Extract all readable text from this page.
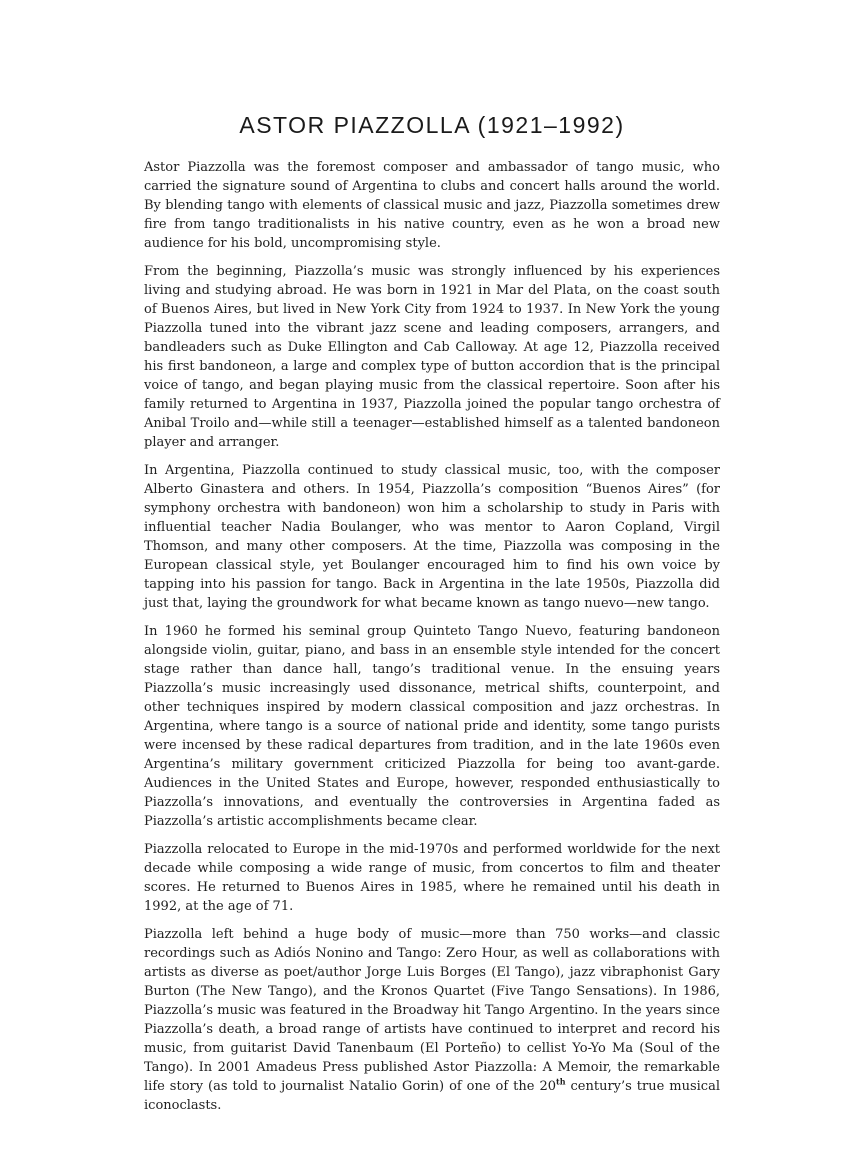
ASTOR PIAZZOLLA (1921–1992)

Astor Piazzolla was the foremost composer and ambassador of tango music, who carried the signature sound of Argentina to clubs and concert halls around the world. By blending tango with elements of classical music and jazz, Piazzolla sometimes drew fire from tango traditionalists in his native country, even as he won a broad new audience for his bold, uncompromising style.

From the beginning, Piazzolla’s music was strongly influenced by his experiences living and studying abroad. He was born in 1921 in Mar del Plata, on the coast south of Buenos Aires, but lived in New York City from 1924 to 1937. In New York the young Piazzolla tuned into the vibrant jazz scene and leading composers, arrangers, and bandleaders such as Duke Ellington and Cab Calloway. At age 12, Piazzolla received his first bandoneon, a large and complex type of button accordion that is the principal voice of tango, and began playing music from the classical repertoire. Soon after his family returned to Argentina in 1937, Piazzolla joined the popular tango orchestra of Anibal Troilo and—while still a teenager—established himself as a talented bandoneon player and arranger.

In Argentina, Piazzolla continued to study classical music, too, with the composer Alberto Ginastera and others. In 1954, Piazzolla’s composition “Buenos Aires” (for symphony orchestra with bandoneon) won him a scholarship to study in Paris with influential teacher Nadia Boulanger, who was mentor to Aaron Copland, Virgil Thomson, and many other composers. At the time, Piazzolla was composing in the European classical style, yet Boulanger encouraged him to find his own voice by tapping into his passion for tango. Back in Argentina in the late 1950s, Piazzolla did just that, laying the groundwork for what became known as tango nuevo—new tango.

In 1960 he formed his seminal group Quinteto Tango Nuevo, featuring bandoneon alongside violin, guitar, piano, and bass in an ensemble style intended for the concert stage rather than dance hall, tango’s traditional venue. In the ensuing years Piazzolla’s music increasingly used dissonance, metrical shifts, counterpoint, and other techniques inspired by modern classical composition and jazz orchestras. In Argentina, where tango is a source of national pride and identity, some tango purists were incensed by these radical departures from tradition, and in the late 1960s even Argentina’s military government criticized Piazzolla for being too avant-garde. Audiences in the United States and Europe, however, responded enthusiastically to Piazzolla’s innovations, and eventually the controversies in Argentina faded as Piazzolla’s artistic accomplishments became clear.

Piazzolla relocated to Europe in the mid-1970s and performed worldwide for the next decade while composing a wide range of music, from concertos to film and theater scores. He returned to Buenos Aires in 1985, where he remained until his death in 1992, at the age of 71.

Piazzolla left behind a huge body of music—more than 750 works—and classic recordings such as Adiós Nonino and Tango: Zero Hour, as well as collaborations with artists as diverse as poet/author Jorge Luis Borges (El Tango), jazz vibraphonist Gary Burton (The New Tango), and the Kronos Quartet (Five Tango Sensations). In 1986, Piazzolla’s music was featured in the Broadway hit Tango Argentino. In the years since Piazzolla’s death, a broad range of artists have continued to interpret and record his music, from guitarist David Tanenbaum (El Porteño) to cellist Yo-Yo Ma (Soul of the Tango). In 2001 Amadeus Press published Astor Piazzolla: A Memoir, the remarkable life story (as told to journalist Natalio Gorin) of one of the 20th century’s true musical iconoclasts.
